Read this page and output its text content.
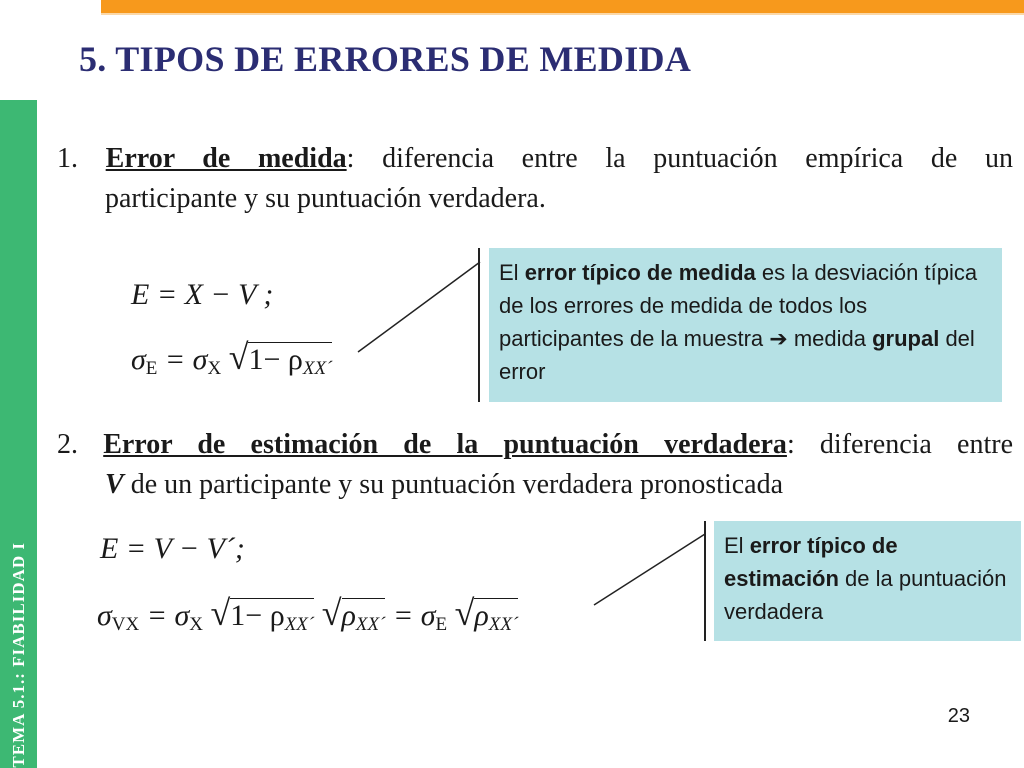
TEMA 5.1.: FIABILIDAD I
5. TIPOS DE ERRORES DE MEDIDA
1. Error de medida: diferencia entre la puntuación empírica de un
participante y su puntuación verdadera.
E = X − V ;
σE = σX √1− ρXX´
El error típico de medida es la desviación típica de los errores de medida de todos los participantes de la muestra ➔ medida grupal del error
2. Error de estimación de la puntuación verdadera: diferencia entre
V de un participante y su puntuación verdadera pronosticada
E = V − V´;
σVX = σX √1− ρXX´ √ρXX´ = σE √ρXX´
El error típico de estimación de la puntuación verdadera
23
